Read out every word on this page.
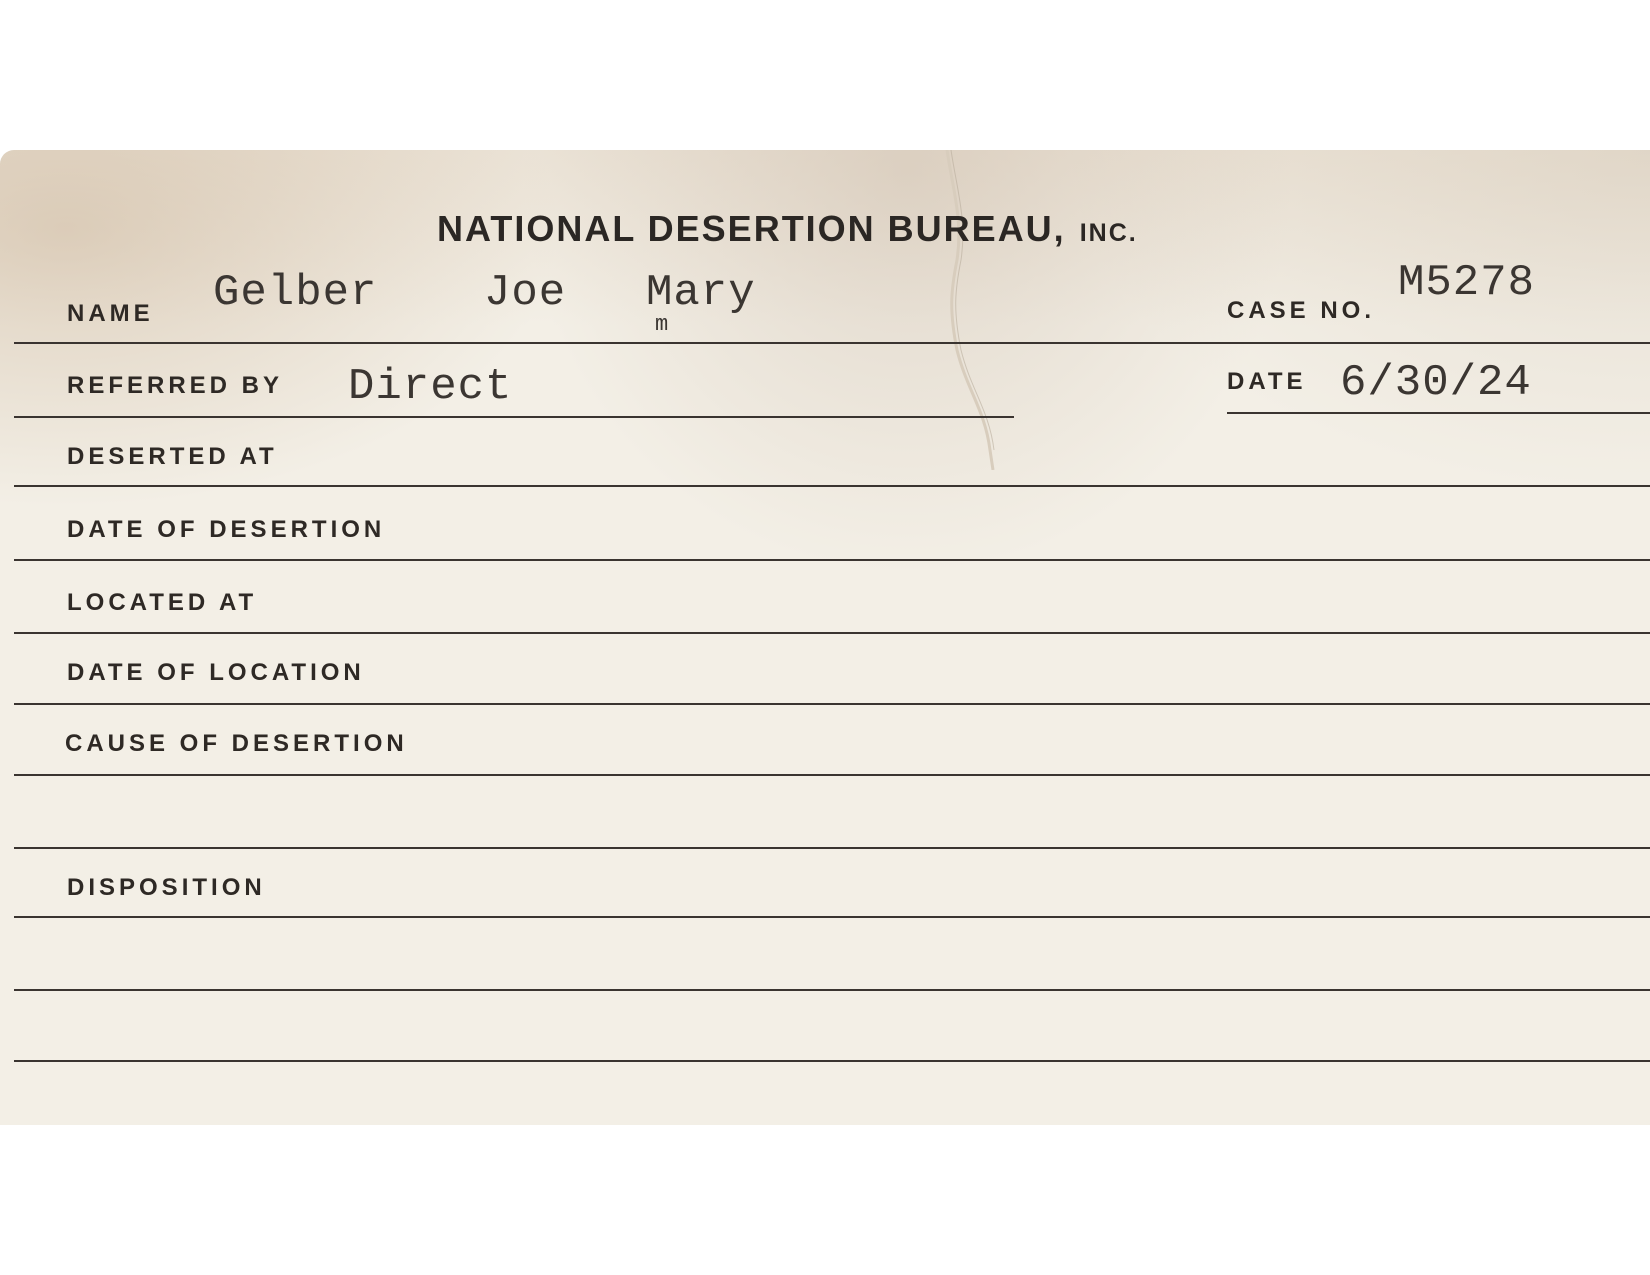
NATIONAL DESERTION BUREAU, INC.
NAME Gelber Joe Mary
m
CASE NO.
M5278
REFERRED BY Direct	DATE 6/30/24
DESERTED AT
DATE OF DESERTION
LOCATED AT
DATE OF LOCATION
CAUSE OF DESERTION
DISPOSITION
